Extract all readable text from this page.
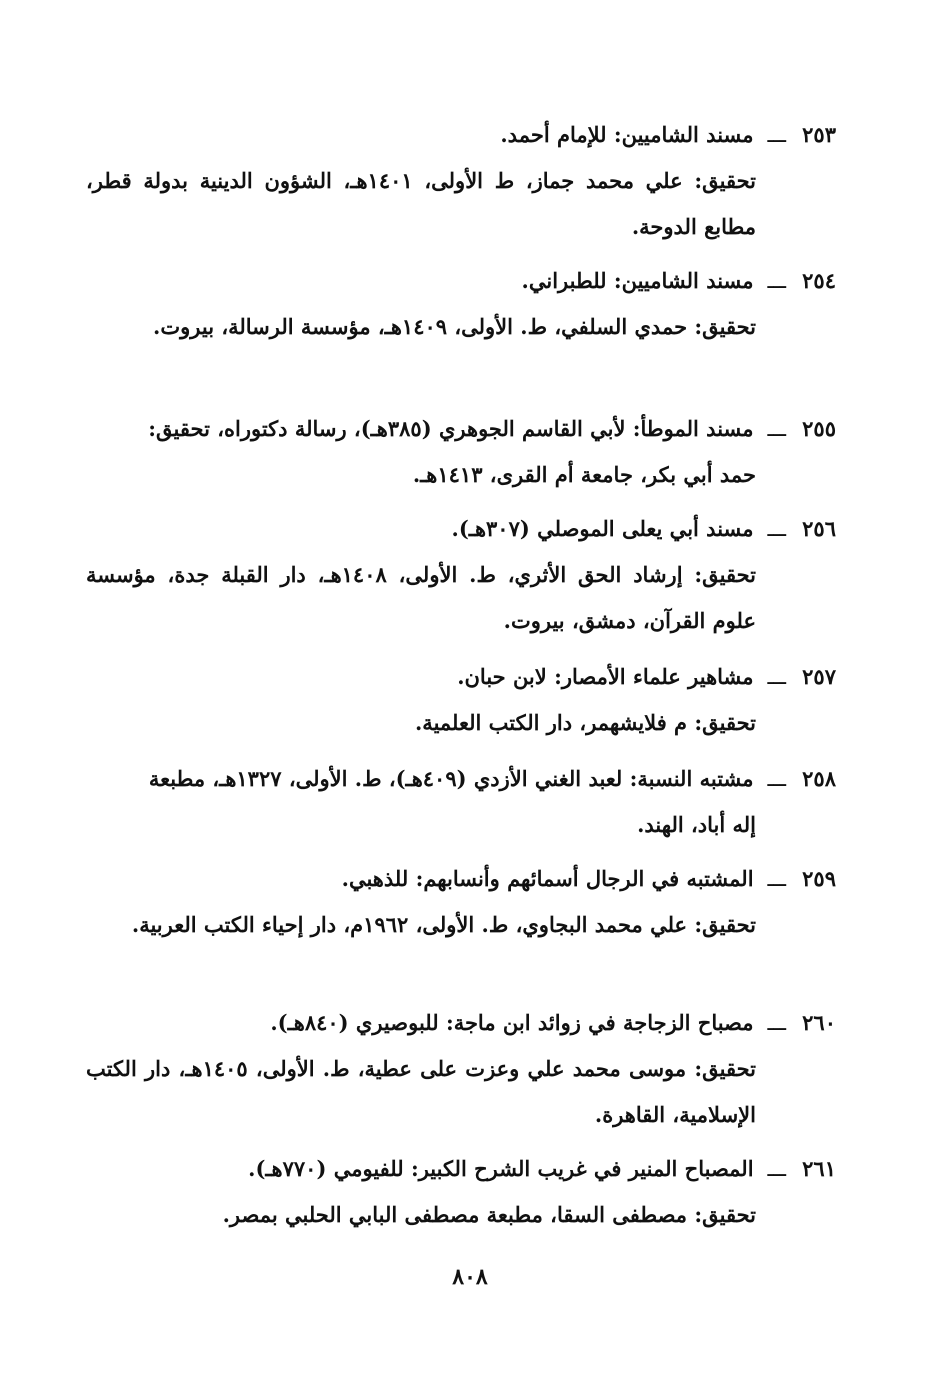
٢٥٣
ـــ
مسند الشاميين: للإمام أحمد.
تحقيق: علي محمد جماز، ط الأولى، ١٤٠١هـ، الشؤون الدينية بدولة قطر، مطابع الدوحة.
٢٥٤
ـــ
مسند الشاميين: للطبراني.
تحقيق: حمدي السلفي، ط. الأولى، ١٤٠٩هـ، مؤسسة الرسالة، بيروت.
٢٥٥
ـــ
مسند الموطأ: لأبي القاسم الجوهري (٣٨٥هـ)، رسالة دكتوراه، تحقيق:
حمد أبي بكر، جامعة أم القرى، ١٤١٣هـ.
٢٥٦
ـــ
مسند أبي يعلى الموصلي (٣٠٧هـ).
تحقيق: إرشاد الحق الأثري، ط. الأولى، ١٤٠٨هـ، دار القبلة جدة، مؤسسة علوم القرآن، دمشق، بيروت.
٢٥٧
ـــ
مشاهير علماء الأمصار: لابن حبان.
تحقيق: م فلايشهمر، دار الكتب العلمية.
٢٥٨
ـــ
مشتبه النسبة: لعبد الغني الأزدي (٤٠٩هـ)، ط. الأولى، ١٣٢٧هـ، مطبعة
إله أباد، الهند.
٢٥٩
ـــ
المشتبه في الرجال أسمائهم وأنسابهم: للذهبي.
تحقيق: علي محمد البجاوي، ط. الأولى، ١٩٦٢م، دار إحياء الكتب العربية.
٢٦٠
ـــ
مصباح الزجاجة في زوائد ابن ماجة: للبوصيري (٨٤٠هـ).
تحقيق: موسى محمد علي وعزت على عطية، ط. الأولى، ١٤٠٥هـ، دار الكتب الإسلامية، القاهرة.
٢٦١
ـــ
المصباح المنير في غريب الشرح الكبير: للفيومي (٧٧٠هـ).
تحقيق: مصطفى السقا، مطبعة مصطفى البابي الحلبي بمصر.
٨٠٨
